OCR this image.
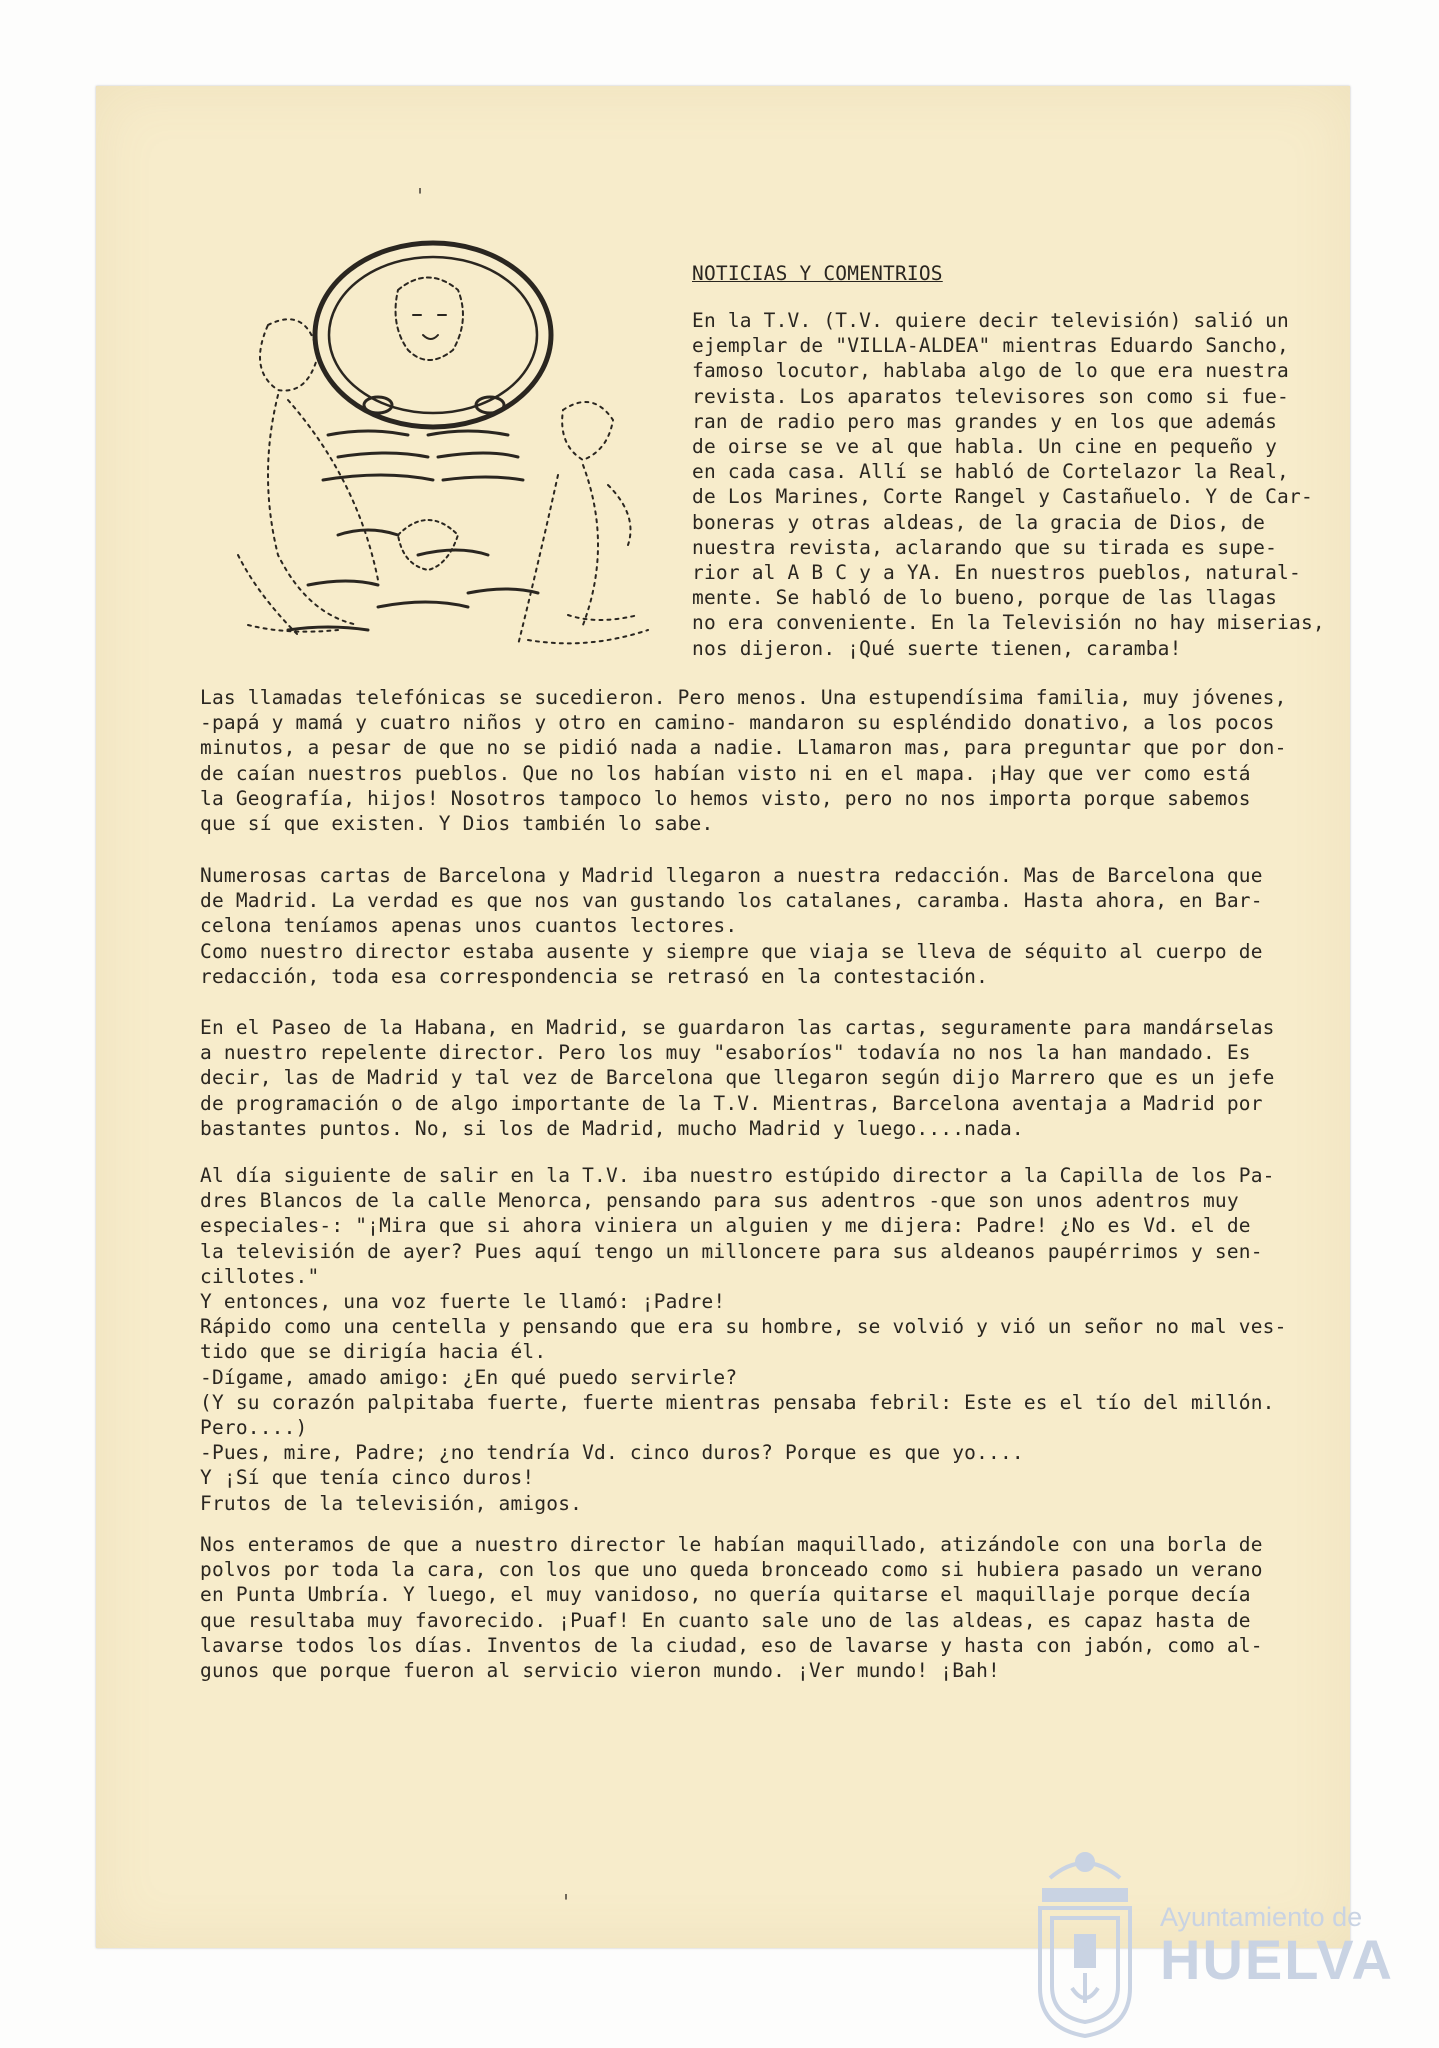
NOTICIAS Y COMENTRIOS
En la T.V. (T.V. quiere decir televisión) salió un
ejemplar de "VILLA-ALDEA" mientras Eduardo Sancho,
famoso locutor, hablaba algo de lo que era nuestra
revista. Los aparatos televisores son como si fue-
ran de radio pero mas grandes y en los que además
de oirse se ve al que habla. Un cine en pequeño y
en cada casa. Allí se habló de Cortelazor la Real,
de Los Marines, Corte Rangel y Castañuelo. Y de Car-
boneras y otras aldeas, de la gracia de Dios, de
nuestra revista, aclarando que su tirada es supe-
rior al A B C y a YA. En nuestros pueblos, natural-
mente. Se habló de lo bueno, porque de las llagas
no era conveniente. En la Televisión no hay miserias,
nos dijeron. ¡Qué suerte tienen, caramba!
Las llamadas telefónicas se sucedieron. Pero menos. Una estupendísima familia, muy jóvenes,
-papá y mamá y cuatro niños y otro en camino- mandaron su espléndido donativo, a los pocos
minutos, a pesar de que no se pidió nada a nadie. Llamaron mas, para preguntar que por don-
de caían nuestros pueblos. Que no los habían visto ni en el mapa. ¡Hay que ver como está
la Geografía, hijos! Nosotros tampoco lo hemos visto, pero no nos importa porque sabemos
que sí que existen. Y Dios también lo sabe.
Numerosas cartas de Barcelona y Madrid llegaron a nuestra redacción. Mas de Barcelona que
de Madrid. La verdad es que nos van gustando los catalanes, caramba. Hasta ahora, en Bar-
celona teníamos apenas unos cuantos lectores.
Como nuestro director estaba ausente y siempre que viaja se lleva de séquito al cuerpo de
redacción, toda esa correspondencia se retrasó en la contestación.
En el Paseo de la Habana, en Madrid, se guardaron las cartas, seguramente para mandárselas
a nuestro repelente director. Pero los muy "esaboríos" todavía no nos la han mandado. Es
decir, las de Madrid y tal vez de Barcelona que llegaron según dijo Marrero que es un jefe
de programación o de algo importante de la T.V. Mientras, Barcelona aventaja a Madrid por
bastantes puntos. No, si los de Madrid, mucho Madrid y luego....nada.
Al día siguiente de salir en la T.V. iba nuestro estúpido director a la Capilla de los Pa-
dres Blancos de la calle Menorca, pensando para sus adentros -que son unos adentros muy
especiales-: "¡Mira que si ahora viniera un alguien y me dijera: Padre! ¿No es Vd. el de
la televisión de ayer? Pues aquí tengo un millonceте para sus aldeanos paupérrimos y sen-
cillotes."
Y entonces, una voz fuerte le llamó: ¡Padre!
Rápido como una centella y pensando que era su hombre, se volvió y vió un señor no mal ves-
tido que se dirigía hacia él.
-Dígame, amado amigo: ¿En qué puedo servirle?
(Y su corazón palpitaba fuerte, fuerte mientras pensaba febril: Este es el tío del millón.
Pero....)
-Pues, mire, Padre; ¿no tendría Vd. cinco duros? Porque es que yo....
Y ¡Sí que tenía cinco duros!
Frutos de la televisión, amigos.
Nos enteramos de que a nuestro director le habían maquillado, atizándole con una borla de
polvos por toda la cara, con los que uno queda bronceado como si hubiera pasado un verano
en Punta Umbría. Y luego, el muy vanidoso, no quería quitarse el maquillaje porque decía
que resultaba muy favorecido. ¡Puaf! En cuanto sale uno de las aldeas, es capaz hasta de
lavarse todos los días. Inventos de la ciudad, eso de lavarse y hasta con jabón, como al-
gunos que porque fueron al servicio vieron mundo. ¡Ver mundo! ¡Bah!
'
'	Ayuntamiento de
HUELVA
